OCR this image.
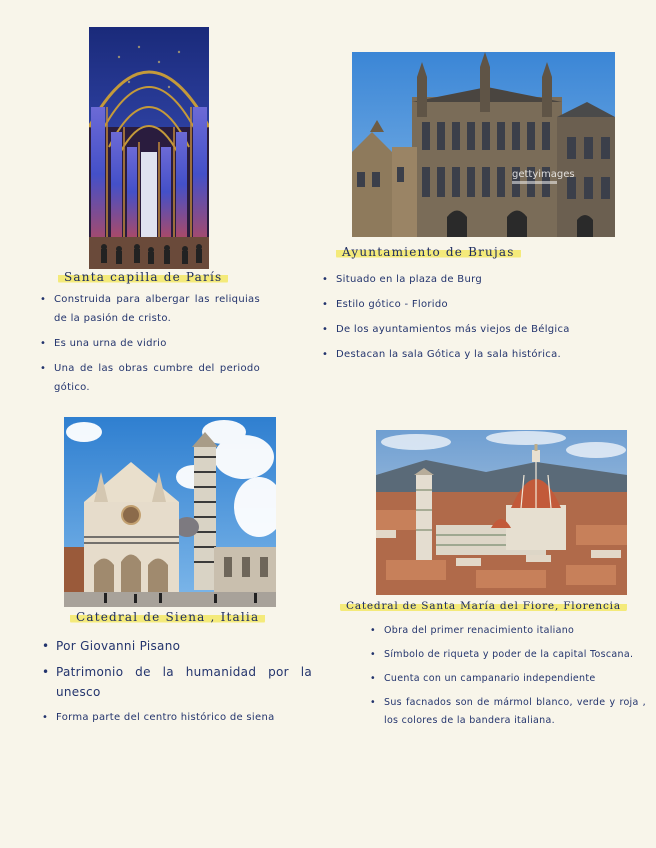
Santa capilla de París
• Construida para albergar las reliquias de la pasión de cristo.
• Es una urna de vidrio
• Una de las obras cumbre del periodo gótico.
gettyimages
Ayuntamiento de Brujas
• Situado en la plaza de Burg
• Estilo gótico - Florido
• De los ayuntamientos más viejos de Bélgica
• Destacan la sala Gótica y la sala histórica.
Catedral de Siena , Italia
• Por Giovanni Pisano
• Patrimonio de la humanidad por la unesco
• Forma parte del centro histórico de siena
Catedral de Santa María del Fiore, Florencia
• Obra del primer renacimiento italiano
• Símbolo de riqueta y poder de la capital Toscana.
• Cuenta con un campanario independiente
• Sus facnados son de mármol blanco, verde y roja , los colores de la bandera italiana.
